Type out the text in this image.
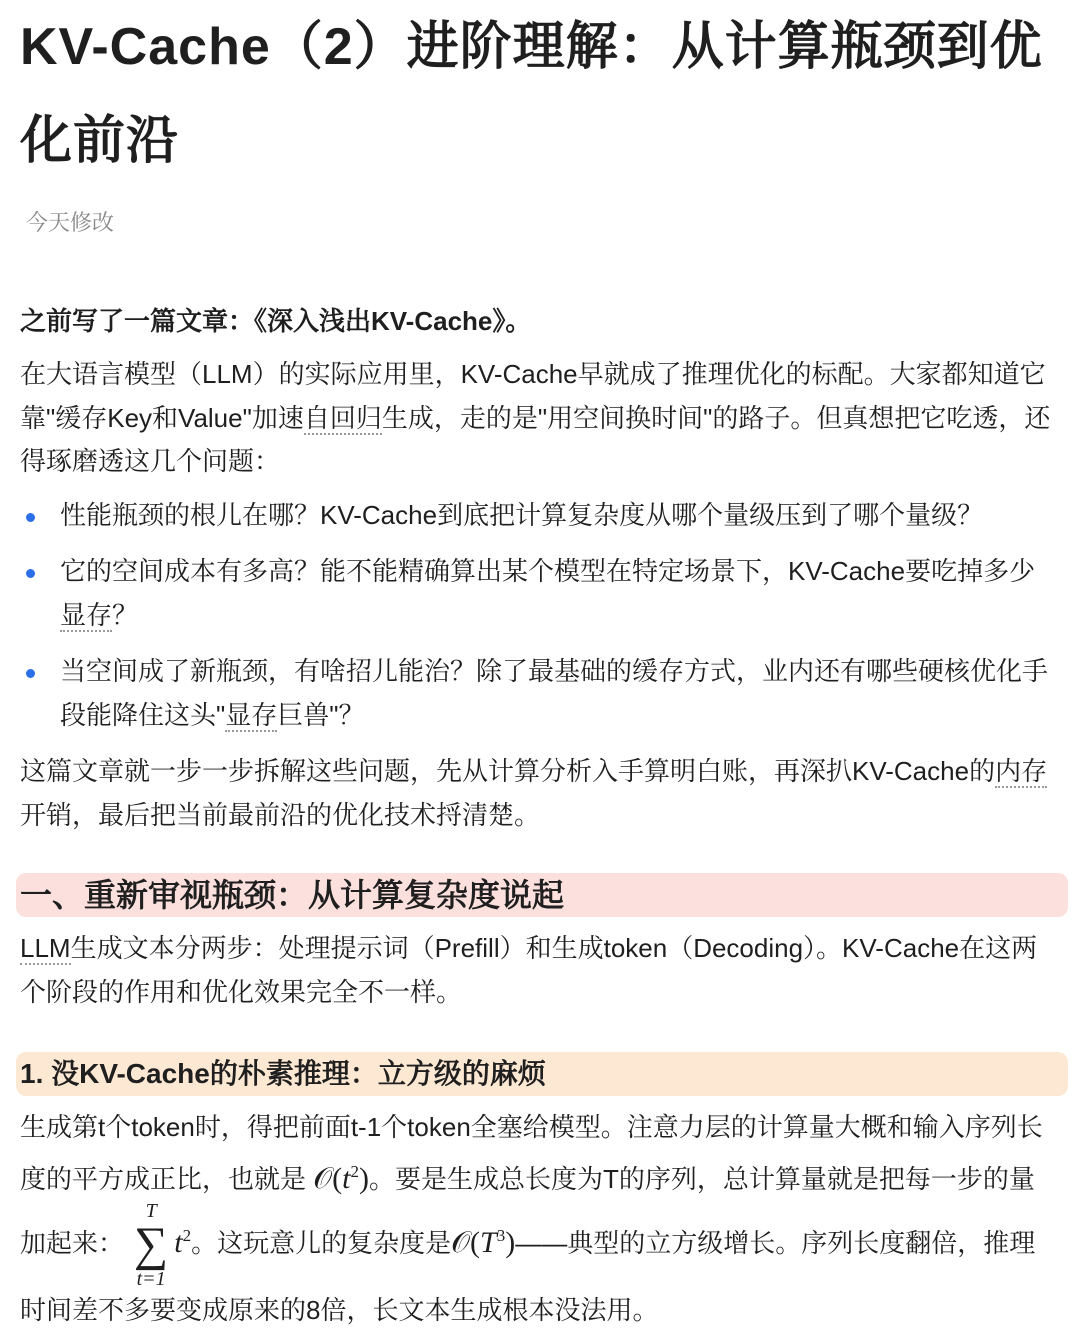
KV-Cache（2）进阶理解：从计算瓶颈到优化前沿
今天修改
之前写了一篇文章：《深入浅出KV-Cache》。

在大语言模型（LLM）的实际应用里，KV-Cache早就成了推理优化的标配。大家都知道它靠"缓存Key和Value"加速自回归生成，走的是"用空间换时间"的路子。但真想把它吃透，还得琢磨透这几个问题：

性能瓶颈的根儿在哪？KV-Cache到底把计算复杂度从哪个量级压到了哪个量级？
它的空间成本有多高？能不能精确算出某个模型在特定场景下，KV-Cache要吃掉多少显存？
当空间成了新瓶颈，有啥招儿能治？除了最基础的缓存方式，业内还有哪些硬核优化手段能降住这头"显存巨兽"？

这篇文章就一步一步拆解这些问题，先从计算分析入手算明白账，再深扒KV-Cache的内存开销，最后把当前最前沿的优化技术捋清楚。

一、重新审视瓶颈：从计算复杂度说起

LLM生成文本分两步：处理提示词（Prefill）和生成token（Decoding）。KV-Cache在这两个阶段的作用和优化效果完全不一样。

1. 没KV-Cache的朴素推理：立方级的麻烦

生成第t个token时，得把前面t-1个token全塞给模型。注意力层的计算量大概和输入序列长度的平方成正比，也就是 $𝒪(t^2)$。要是生成总长度为T的序列，总计算量就是把每一步的量加起来：
T
∑
t=1
$t^2$。这玩意儿的复杂度是$𝒪(T^3)——$典型的立方级增长。序列长度翻倍，推理时间差不多要变成原来的8倍，长文本生成根本没法用。
